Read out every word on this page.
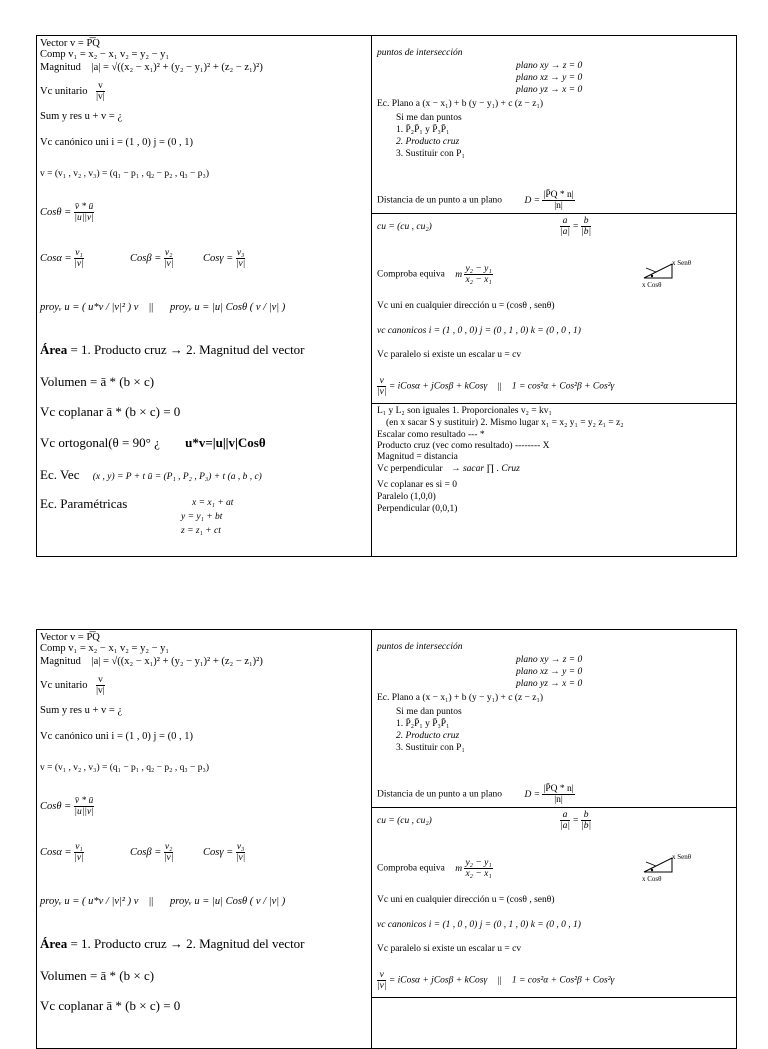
Vector v = P͞Q
Comp v₁ = x₂ − x₁ v₂ = y₂ − y₁
Magnitud |a| = √((x₂ − x₁)² + (y₂ − y₁)² + (z₂ − z₁)²)
Vc unitario $\frac{v}{|v|}$
Sum y res u + v = ¿
Vc canónico uni i = (1 , 0) j = (0 , 1)
v = (v₁ , v₂ , v₃) = (q₁ − p₁ , q₂ − p₂ , q₃ − p₃)
$Cos\theta = \frac{v̄ * ū}{|u||v|}$
$Cos\alpha = \frac{\text{v₁}}{|v|}$	$Cos\beta = \frac{\text{v₂}}{|v|}$	$Cos\gamma = \frac{\text{v₃}}{|v|}$
proyᵥ u = ( u*v / |v|² ) v || proyᵥ u = |u| Cosθ ( v / |v| )
Área = 1. Producto cruz → 2. Magnitud del vector
Volumen = ā * (b × c)
Vc coplanar ā * (b × c) = 0
Vc ortogonal(θ = 90° ¿ u*v=|u||v|Cosθ
Ec. Vec (x , y) = P + t ū = (P₁ , P₂ , P₃) + t (a , b , c)
Ec. Paramétricas	x = x₁ + at
y = y₁ + bt
z = z₁ + ct
puntos de intersección
plano xy → z = 0
plano xz → y = 0
plano yz → x = 0
Ec. Plano a (x − x₁) + b (y − y₁) + c (z − z₁)
Si me dan puntos
1. P̄₂P̄₁ y P̄₃P̄₁
2. Producto cruz
3. Sustituir con P₁
Distancia de un punto a un plano $D = \frac{|P̄Q * n|}{|n|}$
cu = (cu , cu₂)	$\frac{a}{|a|} = \frac{b}{|b|}$
Comproba equiva m $\frac{\text{y₂ − y₁}}{\text{x₂ − x₁}}$
x Senθ
x Cosθ
Vc uni en cualquier dirección u = (cosθ , senθ)
vc canonicos i = (1 , 0 , 0) j = (0 , 1 , 0) k = (0 , 0 , 1)
Vc paralelo si existe un escalar u = cv
$\frac{v}{|v|}$ = iCosα + jCosβ + kCosγ || 1 = cos²α + Cos²β + Cos²γ
L₁ y L₂ son iguales 1. Proporcionales v₂ = kv₁
(en x sacar S y sustituir) 2. Mismo lugar x₁ = x₂ y₁ = y₂ z₁ = z₂
Escalar como resultado --- *
Producto cruz (vec como resultado) -------- X
Magnitud = distancia
Vc perpendicular → sacar ∏ . Cruz
Vc coplanar es si = 0
Paralelo (1,0,0)
Perpendicular (0,0,1)
Vector v = P͞Q
Comp v₁ = x₂ − x₁ v₂ = y₂ − y₁
Magnitud |a| = √((x₂ − x₁)² + (y₂ − y₁)² + (z₂ − z₁)²)
Vc unitario $\frac{v}{|v|}$
Sum y res u + v = ¿
Vc canónico uni i = (1 , 0) j = (0 , 1)
v = (v₁ , v₂ , v₃) = (q₁ − p₁ , q₂ − p₂ , q₃ − p₃)
$Cos\theta = \frac{v̄ * ū}{|u||v|}$
$Cos\alpha = \frac{\text{v₁}}{|v|}$	$Cos\beta = \frac{\text{v₂}}{|v|}$	$Cos\gamma = \frac{\text{v₃}}{|v|}$
proyᵥ u = ( u*v / |v|² ) v || proyᵥ u = |u| Cosθ ( v / |v| )
Área = 1. Producto cruz → 2. Magnitud del vector
Volumen = ā * (b × c)
Vc coplanar ā * (b × c) = 0
puntos de intersección
plano xy → z = 0
plano xz → y = 0
plano yz → x = 0
Ec. Plano a (x − x₁) + b (y − y₁) + c (z − z₁)
Si me dan puntos
1. P̄₂P̄₁ y P̄₃P̄₁
2. Producto cruz
3. Sustituir con P₁
Distancia de un punto a un plano $D = \frac{|P̄Q * n|}{|n|}$
cu = (cu , cu₂)	$\frac{a}{|a|} = \frac{b}{|b|}$
Comproba equiva m $\frac{\text{y₂ − y₁}}{\text{x₂ − x₁}}$
x Senθ
x Cosθ
Vc uni en cualquier dirección u = (cosθ , senθ)
vc canonicos i = (1 , 0 , 0) j = (0 , 1 , 0) k = (0 , 0 , 1)
Vc paralelo si existe un escalar u = cv
$\frac{v}{|v|}$ = iCosα + jCosβ + kCosγ || 1 = cos²α + Cos²β + Cos²γ
